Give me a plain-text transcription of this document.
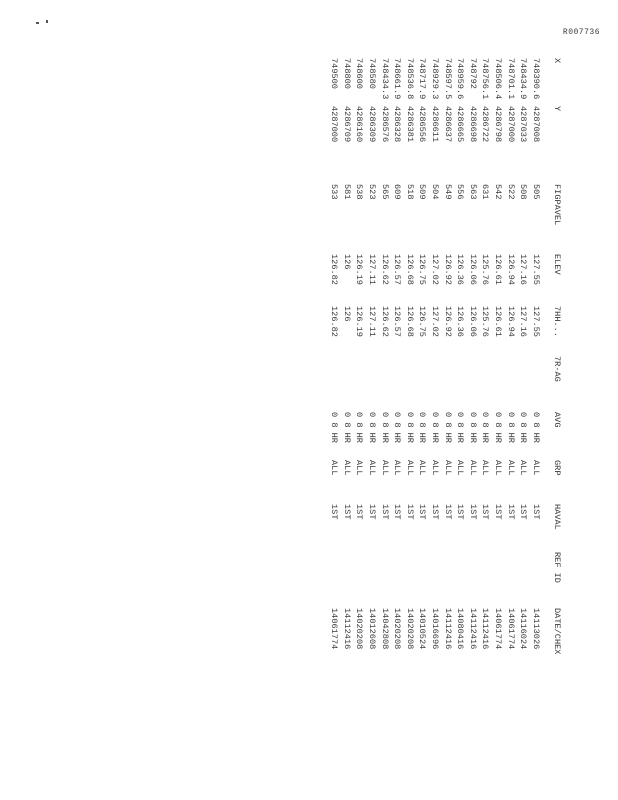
R007736
X	Y	FIGPAVEL	ELEV	7HH...	7R-AG	AVG	GRP	HAVAL	REF ID	DATE/CHEX
748390.6	4287008	505	127.55	127.55		0 8 HR	ALL	1ST		14113026
748434.9	4287033	508	127.16	127.16		0 8 HR	ALL	1ST		14116024
748701.1	4287000	522	126.94	126.94		0 8 HR	ALL	1ST		14061774
748506.4	4286798	542	126.61	126.61		0 8 HR	ALL	1ST		14061774
748756.1	4286722	631	125.76	125.76		0 8 HR	ALL	1ST		14112416
748792	4286698	563	126.06	126.06		0 8 HR	ALL	1ST		14112416
748959.6	4286665	556	126.36	126.36		0 8 HR	ALL	1ST		14080416
748597.5	4286637	549	126.92	126.92		0 8 HR	ALL	1ST		14112416
748929.3	4286611	504	127.02	127.02		0 8 HR	ALL	1ST		14016696
748717.9	4286556	509	126.75	126.75		0 8 HR	ALL	1ST		14010524
748536.8	4286381	518	126.68	126.68		0 8 HR	ALL	1ST		14020208
748661.9	4286328	609	126.57	126.57		0 8 HR	ALL	1ST		14020208
748434.3	4286576	565	126.62	126.62		0 8 HR	ALL	1ST		14042808
748580	4286309	523	127.11	127.11		0 8 HR	ALL	1ST		14012608
748600	4286160	538	126.19	126.19		0 8 HR	ALL	1ST		14020208
748800	4286709	581	126	126		0 8 HR	ALL	1ST		14112416
749500	4287000	533	126.82	126.82		0 8 HR	ALL	1ST		14061774
